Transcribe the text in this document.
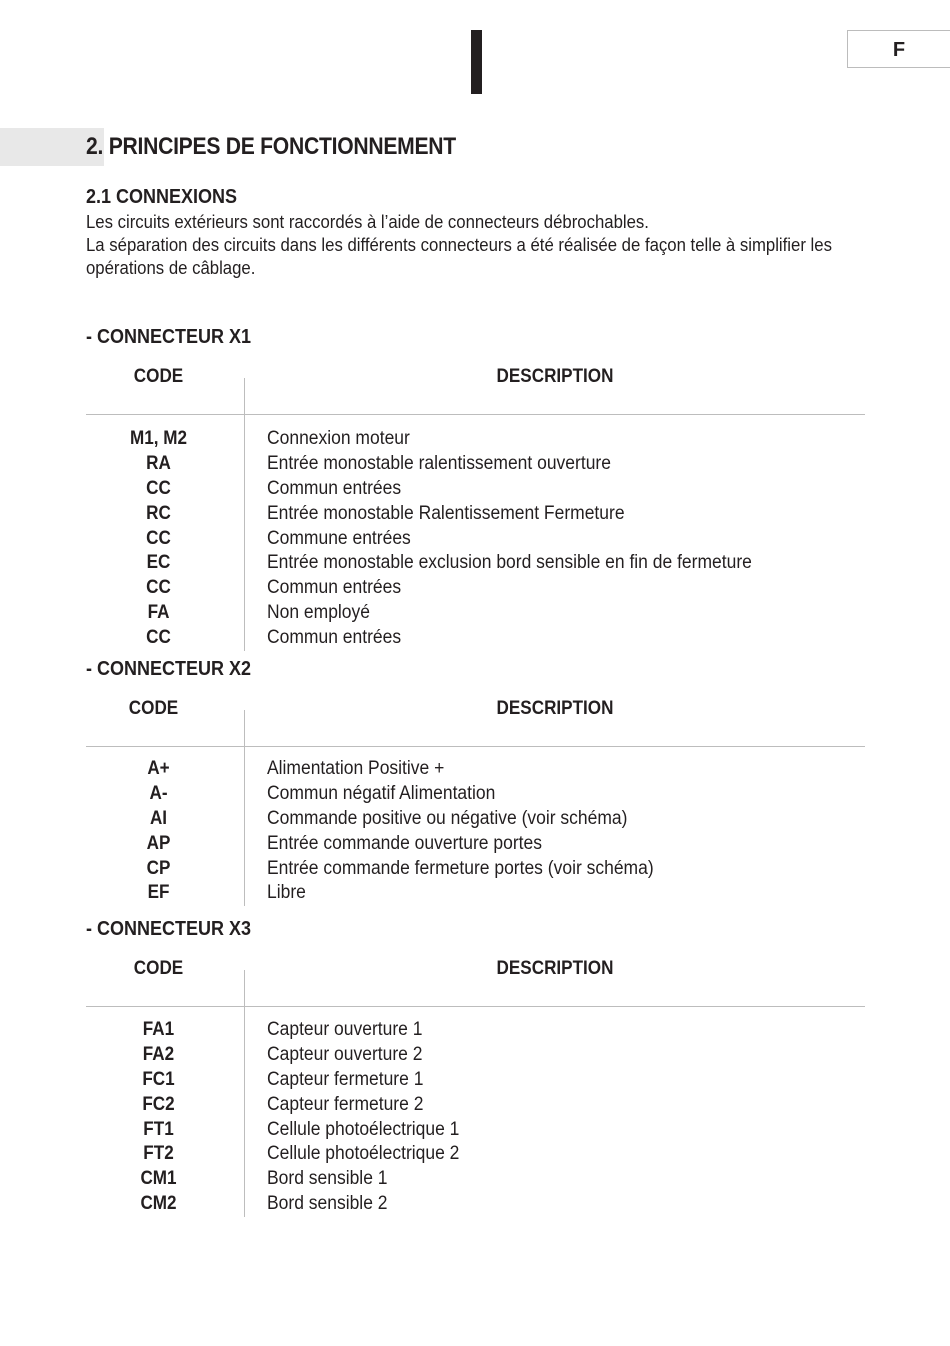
F
2. PRINCIPES DE FONCTIONNEMENT
2.1 CONNEXIONS

Les circuits extérieurs sont raccordés à l’aide de connecteurs débrochables.

La séparation des circuits dans les différents connecteurs a été réalisée de façon telle à simplifier les opérations de câblage.

- CONNECTEUR X1
CODE	DESCRIPTION
M1, M2	Connexion moteur
RA	Entrée monostable ralentissement ouverture
CC	Commun entrées
RC	Entrée monostable Ralentissement Fermeture
CC	Commune entrées
EC	Entrée monostable exclusion bord sensible en fin de fermeture
CC	Commun entrées
FA	Non employé
CC	Commun entrées
- CONNECTEUR X2
CODE	DESCRIPTION
A+	Alimentation Positive +
A-	Commun négatif Alimentation
AI	Commande positive ou négative (voir schéma)
AP	Entrée commande ouverture portes
CP	Entrée commande fermeture portes (voir schéma)
EF	Libre
- CONNECTEUR X3
CODE	DESCRIPTION
FA1	Capteur ouverture 1
FA2	Capteur ouverture 2
FC1	Capteur fermeture 1
FC2	Capteur fermeture 2
FT1	Cellule photoélectrique 1
FT2	Cellule photoélectrique 2
CM1	Bord sensible 1
CM2	Bord sensible 2
